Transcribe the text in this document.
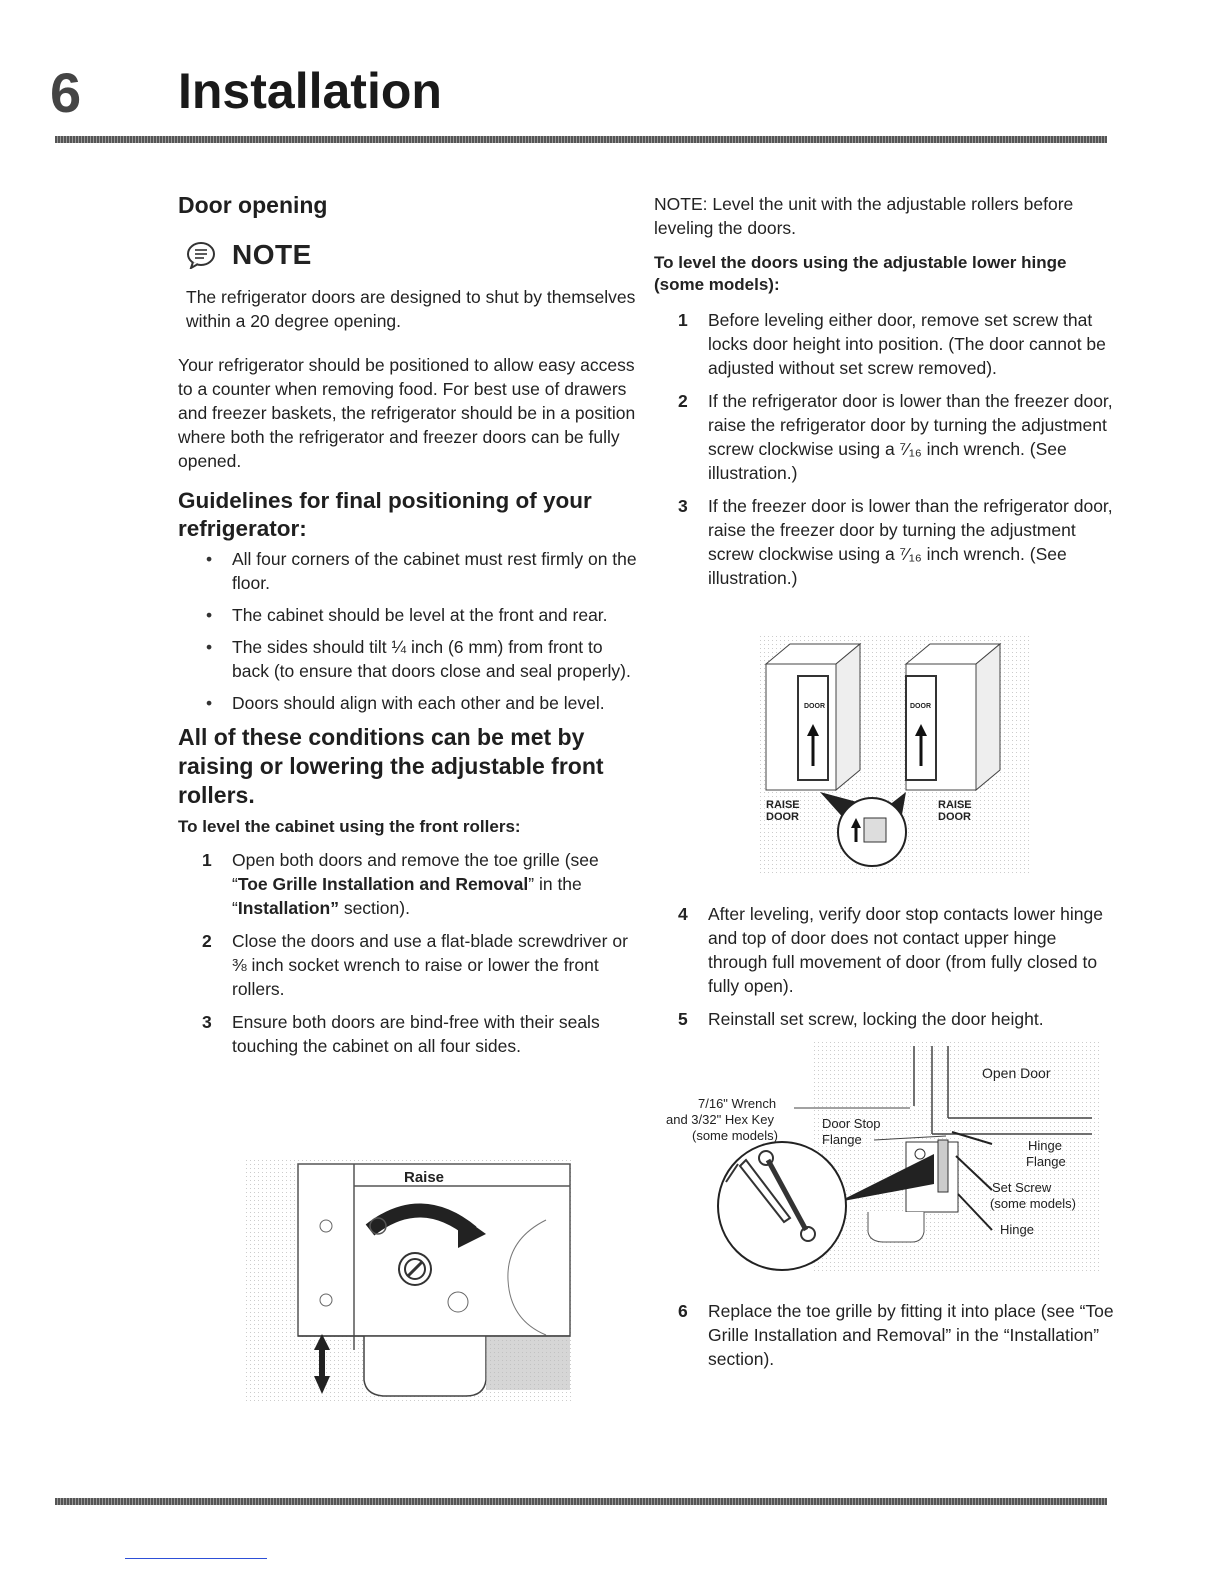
6 Installation
Door opening
NOTE

The refrigerator doors are designed to shut by themselves within a 20 degree opening.

Your refrigerator should be positioned to allow easy access to a counter when removing food. For best use of drawers and freezer baskets, the refrigerator should be in a position where both the refrigerator and freezer doors can be fully opened.

Guidelines for final positioning of your refrigerator:
• All four corners of the cabinet must rest firmly on the floor.
• The cabinet should be level at the front and rear.
• The sides should tilt ¼ inch (6 mm) from front to back (to ensure that doors close and seal properly).
• Doors should align with each other and be level.
All of these conditions can be met by raising or lowering the adjustable front rollers.
To level the cabinet using the front rollers:
1 Open both doors and remove the toe grille (see “Toe Grille Installation and Removal” in the “Installation” section).
2 Close the doors and use a flat-blade screwdriver or ⅜ inch socket wrench to raise or lower the front rollers.
3 Ensure both doors are bind-free with their seals touching the cabinet on all four sides.
Raise

NOTE: Level the unit with the adjustable rollers before leveling the doors.

To level the doors using the adjustable lower hinge (some models):
1 Before leveling either door, remove set screw that locks door height into position. (The door cannot be adjusted without set screw removed).
2 If the refrigerator door is lower than the freezer door, raise the refrigerator door by turning the adjustment screw clockwise using a ⁷⁄₁₆ inch wrench. (See illustration.)
3 If the freezer door is lower than the refrigerator door, raise the freezer door by turning the adjustment screw clockwise using a ⁷⁄₁₆ inch wrench. (See illustration.)
4 After leveling, verify door stop contacts lower hinge and top of door does not contact upper hinge through full movement of door (from fully closed to fully open).
5 Reinstall set screw, locking the door height.
6 Replace the toe grille by fitting it into place (see “Toe Grille Installation and Removal” in the “Installation” section).
DOOR	DOOR
RAISE
DOOR
RAISE
DOOR
Open Door
7/16" Wrench
and 3/32" Hex Key
(some models)
Door Stop
Flange	Hinge
Flange
Set Screw
(some models)
Hinge
